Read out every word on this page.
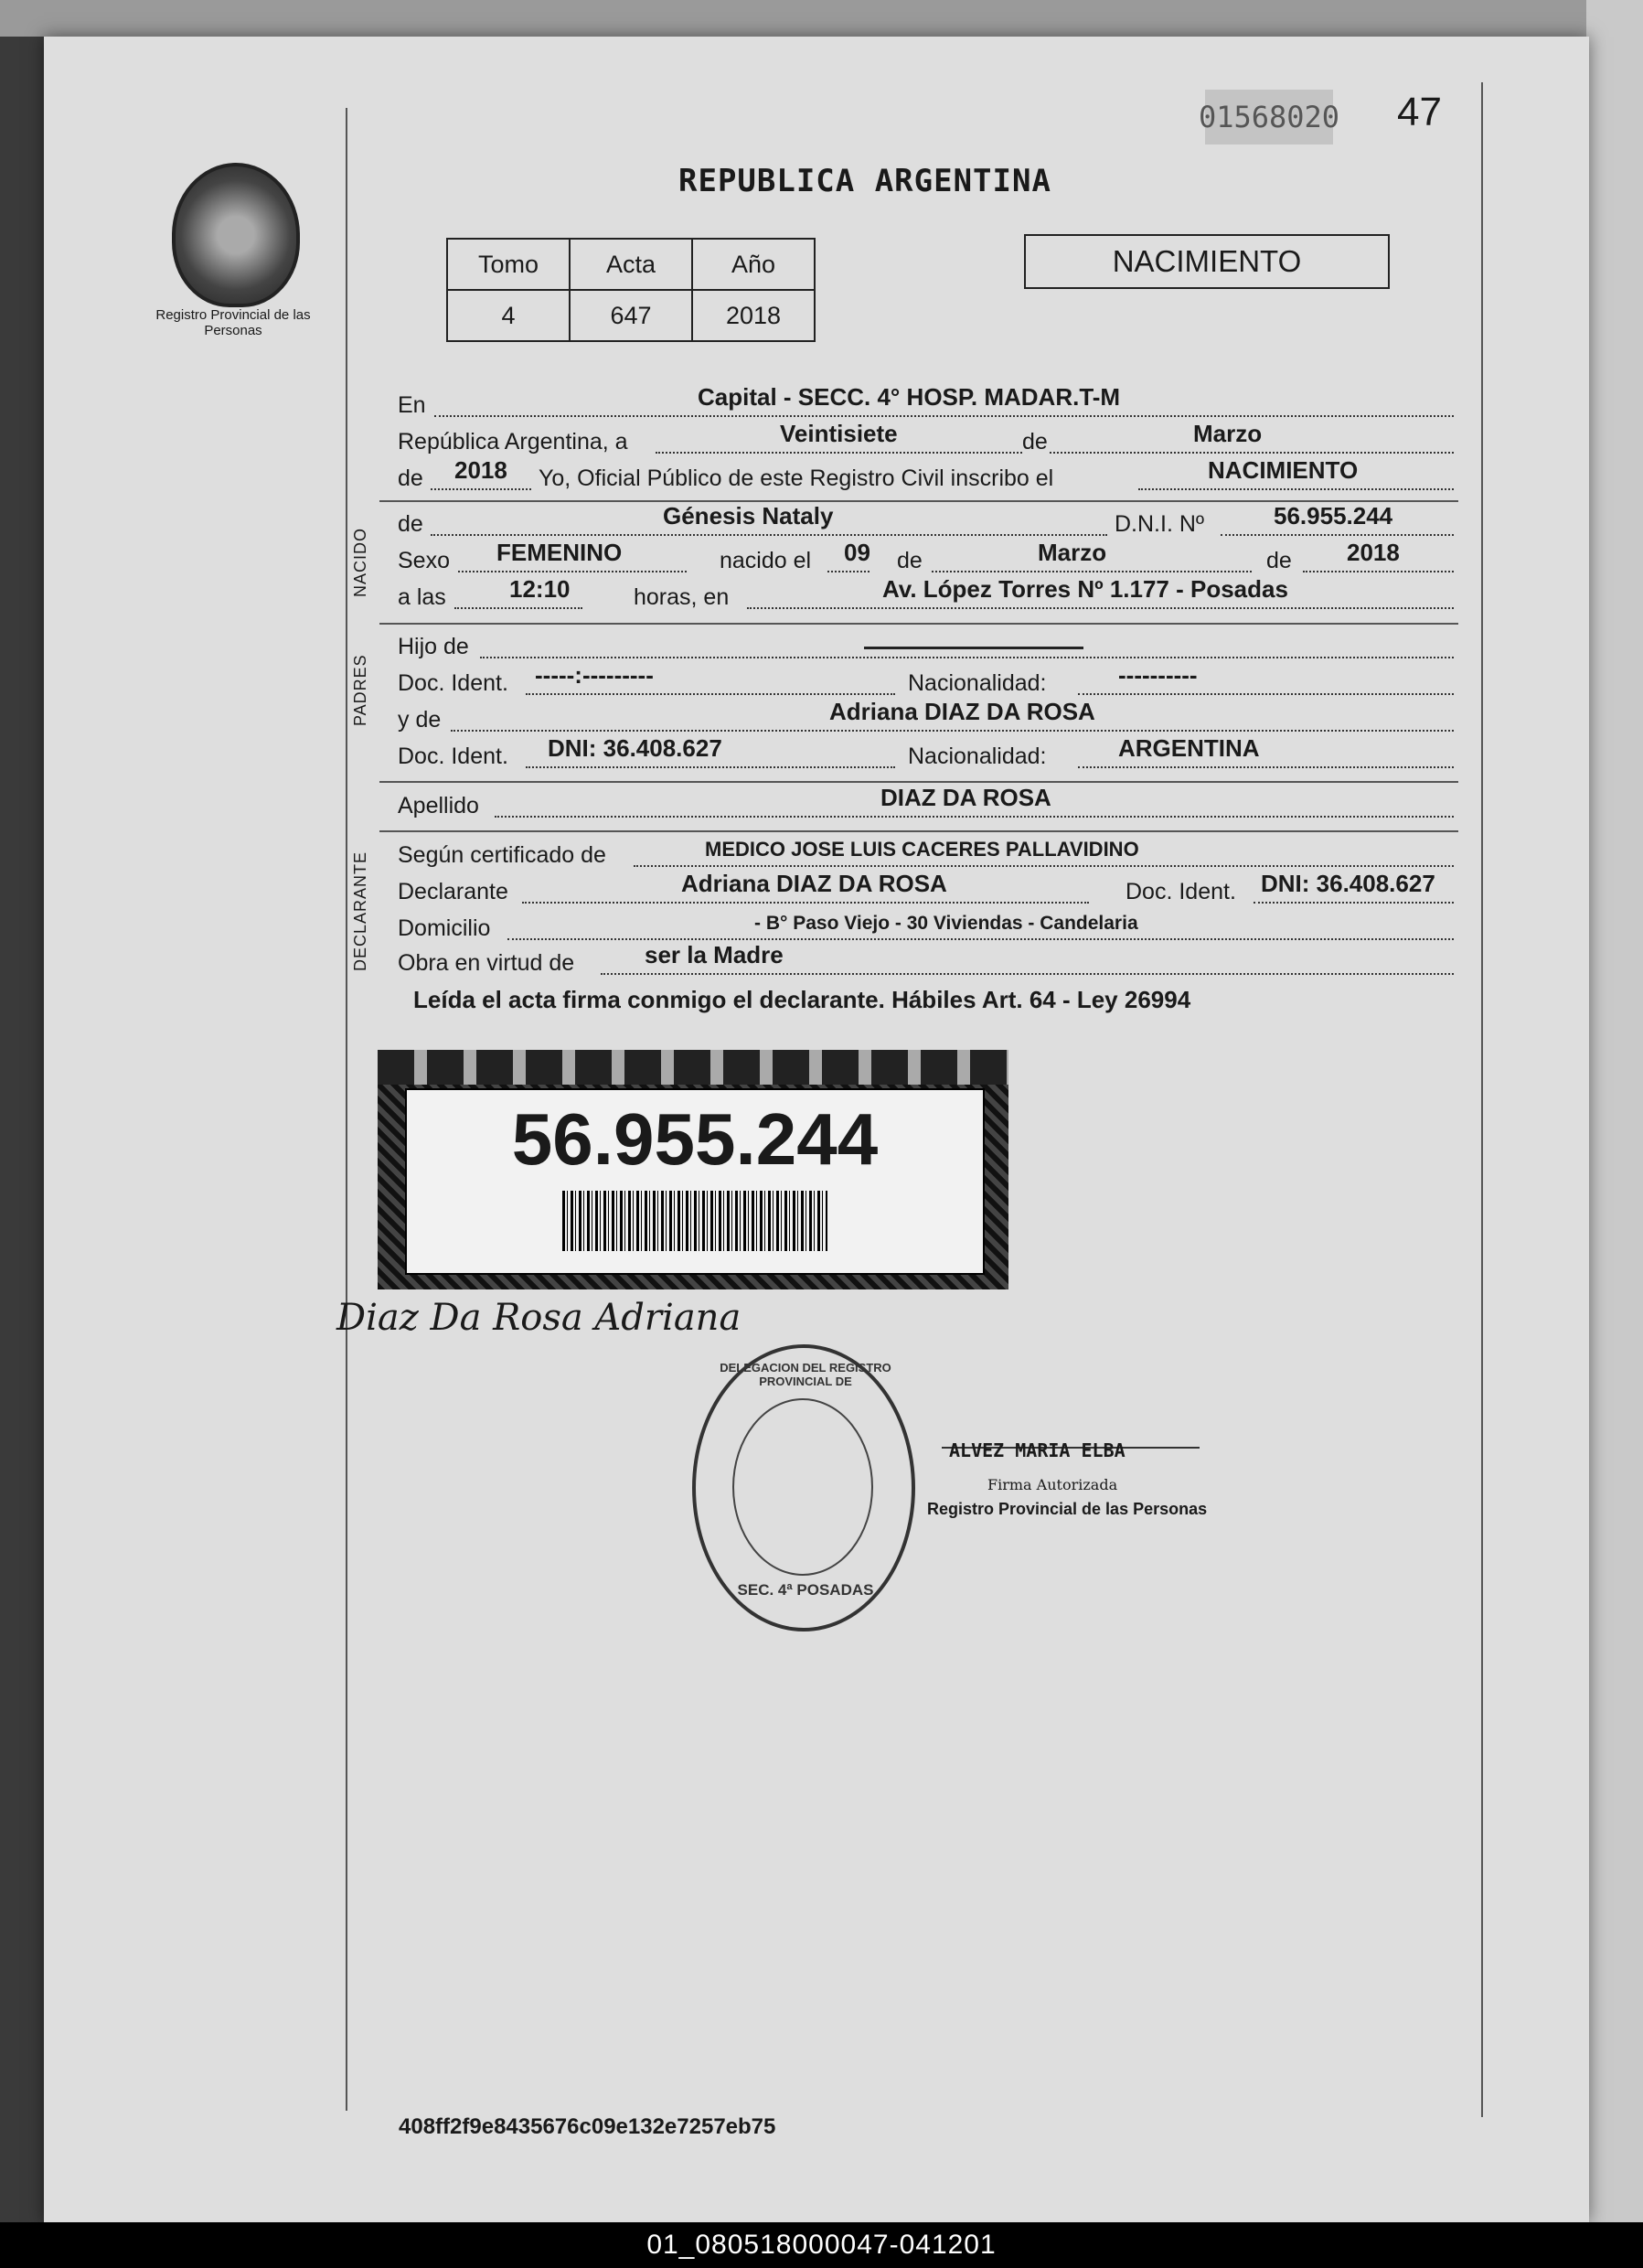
01568020 47
REPUBLICA ARGENTINA
Registro Provincial de las Personas
Tomo	Acta	Año
4	647	2018
NACIMIENTO
En	Capital - SECC. 4° HOSP. MADAR.T-M
República Argentina, a	Veintisiete	de	Marzo
de 2018 Yo, Oficial Público de este Registro Civil inscribo el	NACIMIENTO
NACIDO
de	Génesis Nataly	D.N.I. Nº	56.955.244
Sexo FEMENINO	nacido el 09 de	Marzo	de 2018
a las	12:10	horas, en	Av. López Torres Nº 1.177 - Posadas
PADRES
Hijo de
Doc. Ident. -----:---------	Nacionalidad:	----------
y de	Adriana DIAZ DA ROSA
Doc. Ident. DNI: 36.408.627	Nacionalidad:	ARGENTINA
Apellido	DIAZ DA ROSA
DECLARANTE	Según certificado de	MEDICO JOSE LUIS CACERES PALLAVIDINO
Declarante	Adriana DIAZ DA ROSA	Doc. Ident. DNI: 36.408.627
Domicilio	- B° Paso Viejo - 30 Viviendas - Candelaria
Obra en virtud de	ser la Madre
Leída el acta firma conmigo el declarante. Hábiles Art. 64 - Ley 26994
56.955.244
Diaz Da Rosa Adriana
DELEGACION DEL REGISTRO PROVINCIAL DE
SEC. 4ª POSADAS
ALVEZ MARIA ELBA
Firma Autorizada
Registro Provincial de las Personas
408ff2f9e8435676c09e132e7257eb75
01_080518000047-041201
